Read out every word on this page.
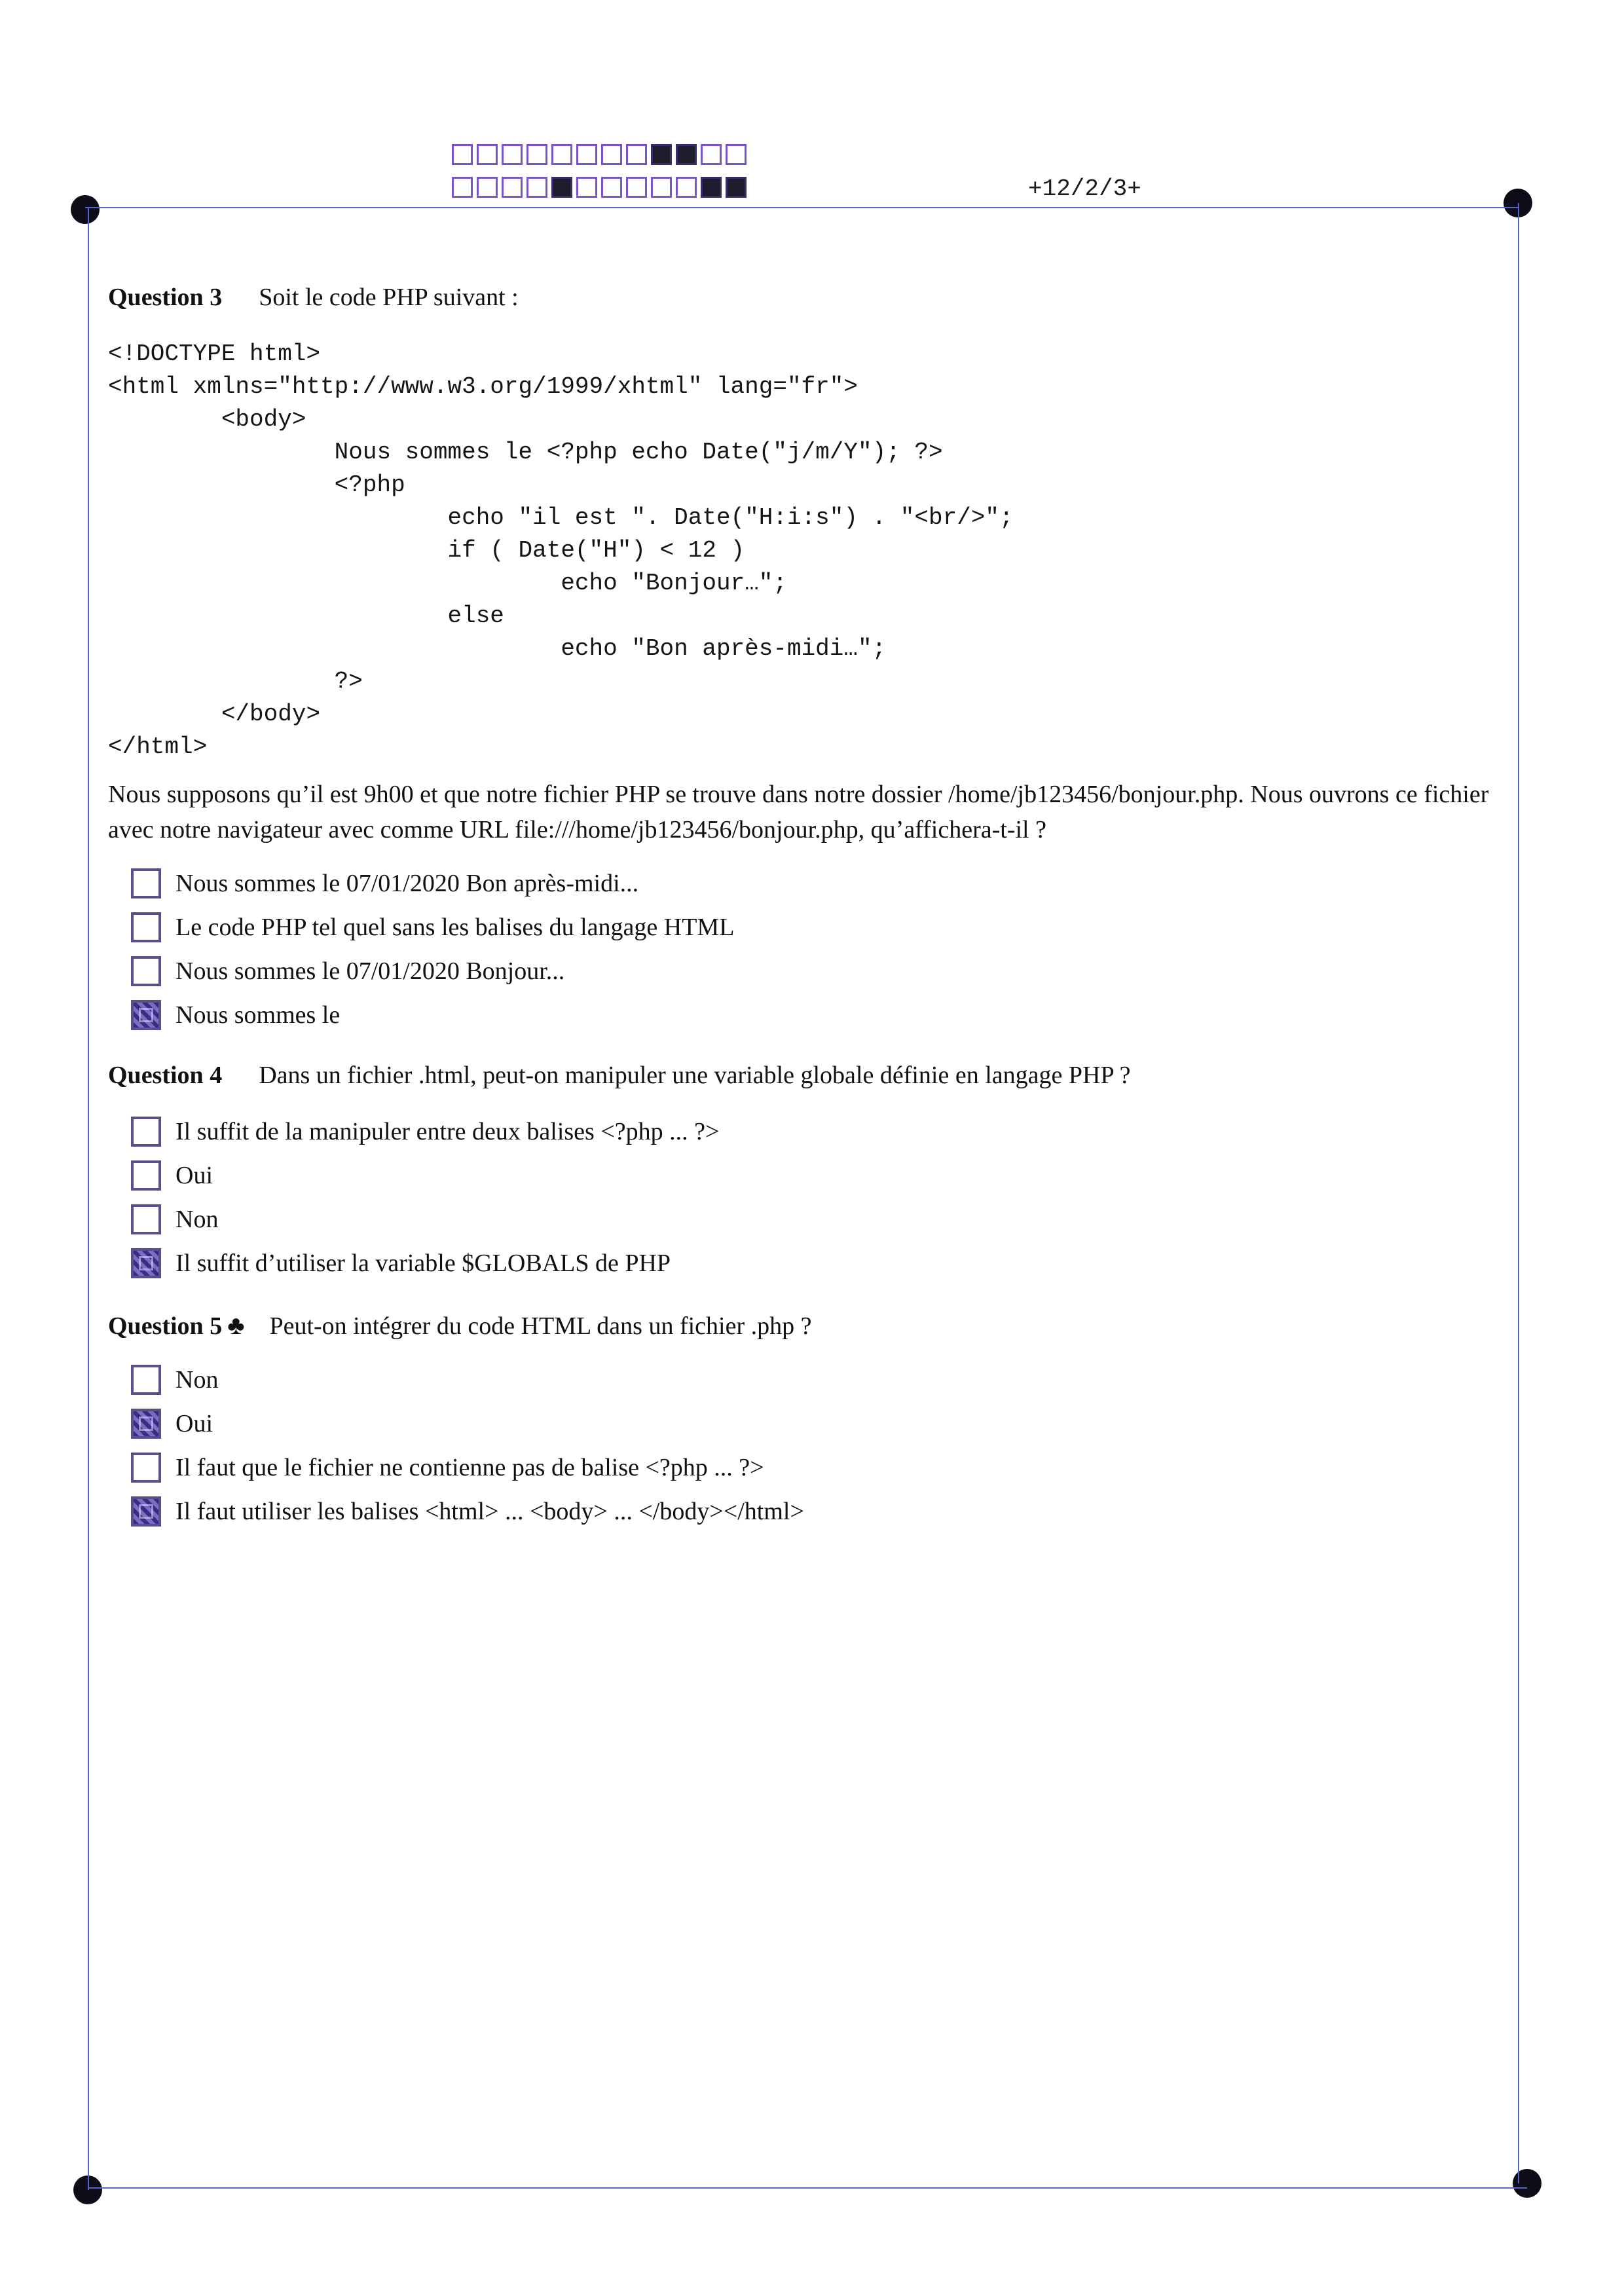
+12/2/3+
Question 3 Soit le code PHP suivant :
<!DOCTYPE html>
<html xmlns="http://www.w3.org/1999/xhtml" lang="fr">
<body>
Nous sommes le <?php echo Date("j/m/Y"); ?>
<?php
echo "il est ". Date("H:i:s") . "<br/>";
if ( Date("H") < 12 )
echo "Bonjour…";
else
echo "Bon après-midi…";
?>
</body>
</html>
Nous supposons qu’il est 9h00 et que notre fichier PHP se trouve dans notre dossier /home/jb123456/bonjour.php. Nous ouvrons ce fichier avec notre navigateur avec comme URL file:///home/jb123456/bonjour.php, qu’affichera-t-il ?
Nous sommes le 07/01/2020 Bon après-midi...
Le code PHP tel quel sans les balises du langage HTML
Nous sommes le 07/01/2020 Bonjour...
Nous sommes le
Question 4 Dans un fichier .html, peut-on manipuler une variable globale définie en langage PHP ?
Il suffit de la manipuler entre deux balises <?php ... ?>
Oui
Non
Il suffit d’utiliser la variable $GLOBALS de PHP
Question 5 ♣ Peut-on intégrer du code HTML dans un fichier .php ?
Non
Oui
Il faut que le fichier ne contienne pas de balise <?php ... ?>
Il faut utiliser les balises <html> ... <body> ... </body></html>
